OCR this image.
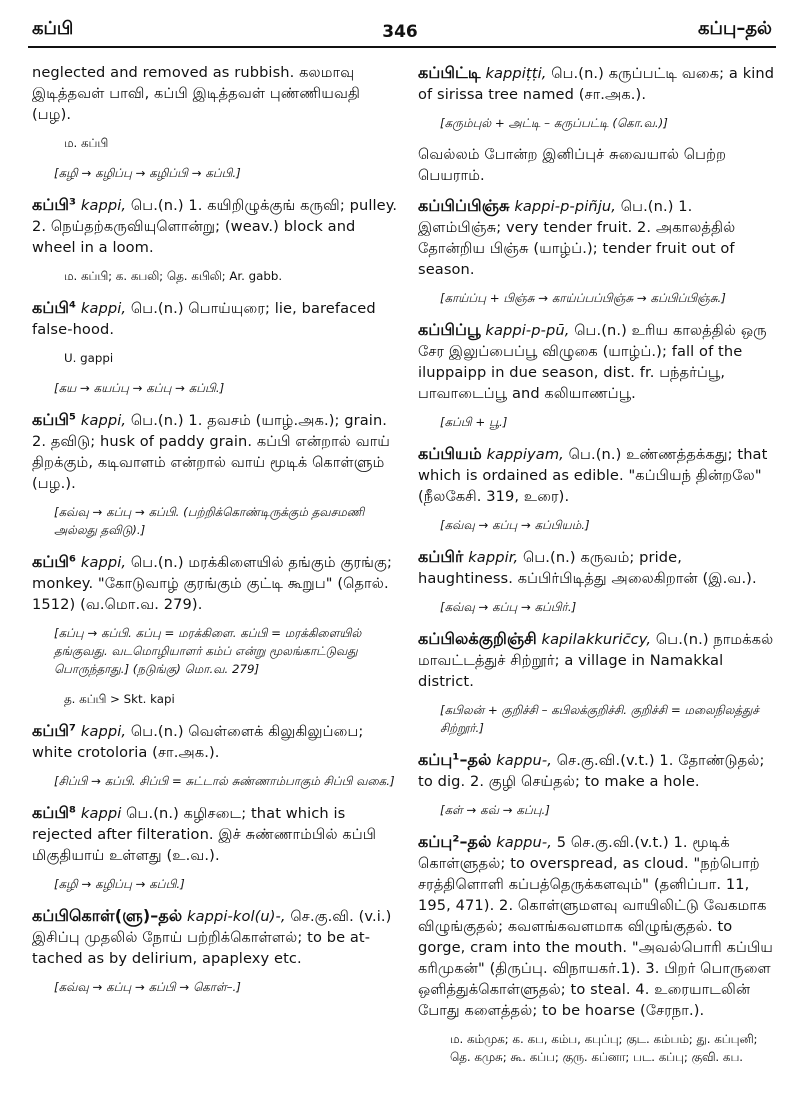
கப்பி	346	கப்பு–தல்

neglected and removed as rubbish. கலமாவு இடித்தவள் பாவி, கப்பி இடித்தவள் புண்ணியவதி (பழ).

ம. கப்பி
[கழி → கழிப்பு → கழிப்பி → கப்பி.]

கப்பி³ kappi, பெ.(n.) 1. கயிறிழுக்குங் கருவி; pulley. 2. நெய்தற்கருவியுளொன்று; (weav.) block and wheel in a loom.

ம. கப்பி; க. கபலி; தெ. கபிலி; Ar. gabb.

கப்பி⁴ kappi, பெ.(n.) பொய்யுரை; lie, barefaced false-hood.

U. gappi
[கய → கயப்பு → கப்பு → கப்பி.]

கப்பி⁵ kappi, பெ.(n.) 1. தவசம் (யாழ்.அக.); grain. 2. தவிடு; husk of paddy grain. கப்பி என்றால் வாய் திறக்கும், கடிவாளம் என்றால் வாய் மூடிக் கொள்ளும் (பழ.).

[கவ்வு → கப்பு → கப்பி. (பற்றிக்கொண்டிருக்கும் தவசமணி அல்லது தவிடு).]

கப்பி⁶ kappi, பெ.(n.) மரக்கிளையில் தங்கும் குரங்கு; monkey. "கோடுவாழ் குரங்கும் குட்டி கூறுப" (தொல். 1512) (வ.மொ.வ. 279).

[கப்பு → கப்பி. கப்பு = மரக்கிளை. கப்பி = மரக்கிளையில் தங்குவது. வடமொழியாளர் கம்ப் என்று மூலங்காட்டுவது பொருந்தாது.] (நடுங்கு) மொ.வ. 279]
த. கப்பி > Skt. kapi

கப்பி⁷ kappi, பெ.(n.) வெள்ளைக் கிலுகிலுப்பை; white crotoloria (சா.அக.).

[சிப்பி → கப்பி. சிப்பி = சுட்டால் சுண்ணாம்பாகும் சிப்பி வகை.]

கப்பி⁸ kappi பெ.(n.) கழிசடை; that which is rejected after filteration. இச் சுண்ணாம்பில் கப்பி மிகுதியாய் உள்ளது (உ.வ.).

[கழி → கழிப்பு → கப்பி.]

கப்பிகொள்(ளு)–தல் kappi-kol(u)-, செ.கு.வி. (v.i.) இசிப்பு முதலில் நோய் பற்றிக்கொள்ளல்; to be at-tached as by delirium, apaplexy etc.

[கவ்வு → கப்பு → கப்பி → கொள்–.]

கப்பிட்டி kappiṭṭi, பெ.(n.) கருப்பட்டி வகை; a kind of sirissa tree named (சா.அக.).

[கரும்புல் + அட்டி – கருப்பட்டி (கொ.வ.)]

வெல்லம் போன்ற இனிப்புச் சுவையால் பெற்ற பெயராம்.

கப்பிப்பிஞ்சு kappi-p-piñju, பெ.(n.) 1. இளம்பிஞ்சு; very tender fruit. 2. அகாலத்தில் தோன்றிய பிஞ்சு (யாழ்ப்.); tender fruit out of season.

[காய்ப்பு + பிஞ்சு → காய்ப்பப்பிஞ்சு → கப்பிப்பிஞ்சு.]

கப்பிப்பூ kappi-p-pū, பெ.(n.) உரிய காலத்தில் ஒரு சேர இலுப்பைப்பூ விழுகை (யாழ்ப்.); fall of the iluppaipp in due season, dist. fr. பந்தர்ப்பூ, பாவாடைப்பூ and கலியாணப்பூ.

[கப்பி + பூ.]

கப்பியம் kappiyam, பெ.(n.) உண்ணத்தக்கது; that which is ordained as edible. "கப்பியந் தின்றலே" (நீலகேசி. 319, உரை).

[கவ்வு → கப்பு → கப்பியம்.]

கப்பிர் kappir, பெ.(n.) கருவம்; pride, haughtiness. கப்பிர்பிடித்து அலைகிறான் (இ.வ.).

[கவ்வு → கப்பு → கப்பிர்.]

கப்பிலக்குறிஞ்சி kapilakkuric̄cy, பெ.(n.) நாமக்கல் மாவட்டத்துச் சிற்றூர்; a village in Namakkal district.

[கபிலன் + குறிச்சி – கபிலக்குறிச்சி. குறிச்சி = மலைநிலத்துச் சிற்றூர்.]

கப்பு¹–தல் kappu-, செ.கு.வி.(v.t.) 1. தோண்டுதல்; to dig. 2. குழி செய்தல்; to make a hole.

[கள் → கவ் → கப்பு.]

கப்பு²–தல் kappu-, 5 செ.கு.வி.(v.t.) 1. மூடிக் கொள்ளுதல்; to overspread, as cloud. "நற்பொற் சரத்திளொளி கப்பத்தெருக்களவும்" (தனிப்பா. 11, 195, 471). 2. கொள்ளுமளவு வாயிலிட்டு வேகமாக விழுங்குதல்; கவளங்கவளமாக விழுங்குதல். to gorge, cram into the mouth. "அவல்பொரி கப்பிய கரிமுகன்" (திருப்பு. விநாயகர்.1). 3. பிறர் பொருளை ஒளித்துக்கொள்ளுதல்; to steal. 4. உரையாடலின் போது களைத்தல்; to be hoarse (சேரநா.).

ம. கம்முக; க. கப, கம்ப, கபுப்பு; குட. கம்பம்; து. கப்புனி; தெ. கமுசு; கூ. கப்ப; குரு. கப்னா; பட. கப்பு; குவி. கப.
